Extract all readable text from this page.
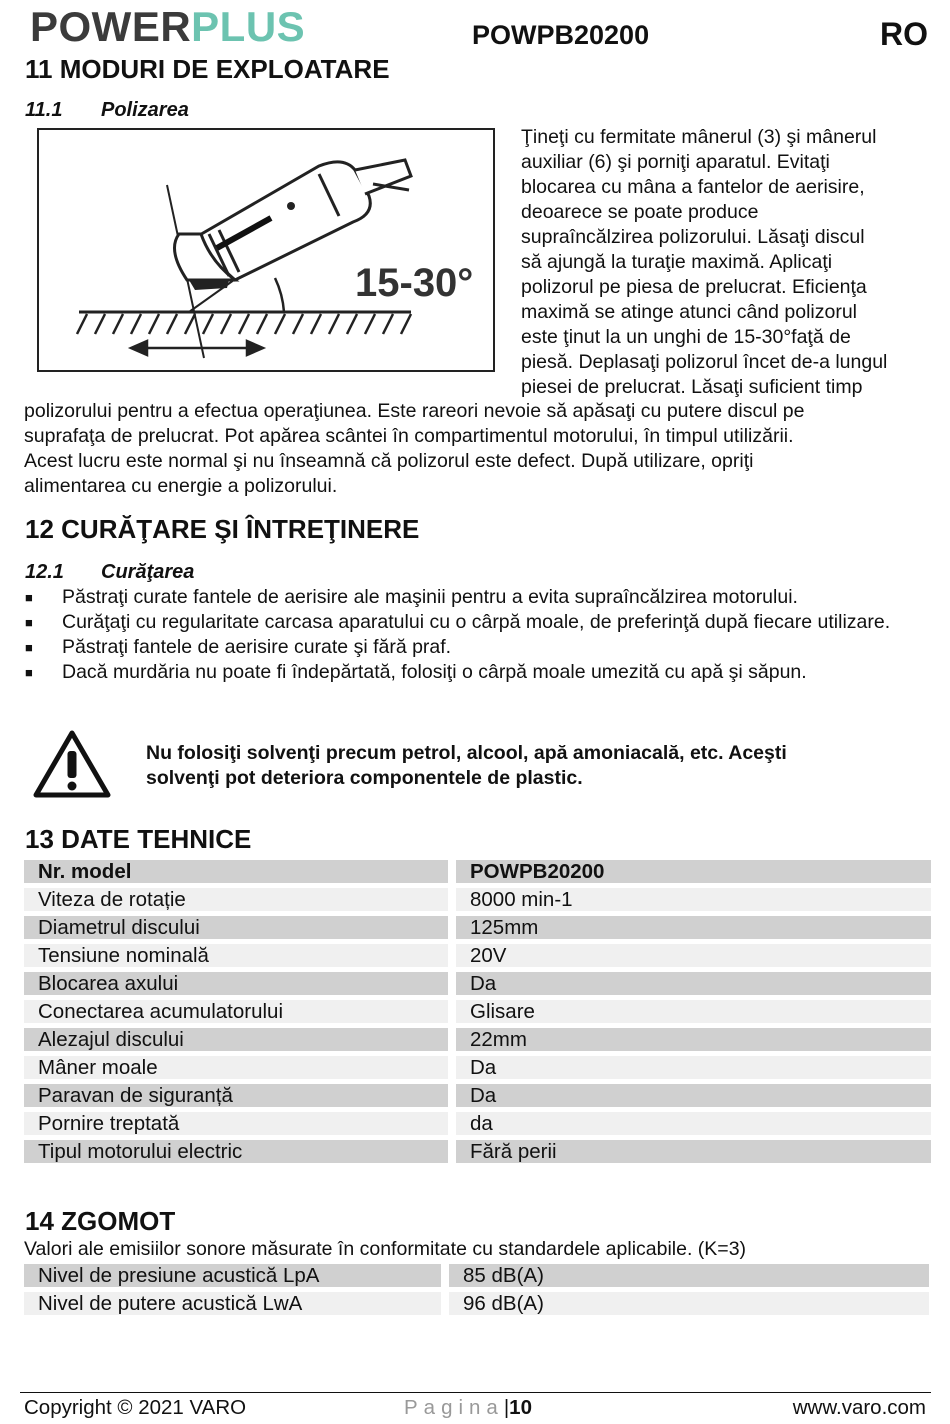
POWERPLUS	POWPB20200	RO
11 MODURI DE EXPLOATARE
11.1 Polizarea
15-30°
Ţineţi cu fermitate mânerul (3) şi mânerul
auxiliar (6) şi porniţi aparatul. Evitaţi
blocarea cu mâna a fantelor de aerisire,
deoarece se poate produce
supraîncălzirea polizorului. Lăsaţi discul
să ajungă la turaţie maximă. Aplicaţi
polizorul pe piesa de prelucrat. Eficienţa
maximă se atinge atunci când polizorul
este ţinut la un unghi de 15-30°faţă de
piesă. Deplasaţi polizorul încet de-a lungul
piesei de prelucrat. Lăsaţi suficient timp
polizorului pentru a efectua operaţiunea. Este rareori nevoie să apăsaţi cu putere discul pe
suprafaţa de prelucrat. Pot apărea scântei în compartimentul motorului, în timpul utilizării.
Acest lucru este normal şi nu înseamnă că polizorul este defect. După utilizare, opriţi
alimentarea cu energie a polizorului.
12 CURĂŢARE ŞI ÎNTREŢINERE
12.1 Curăţarea
■ Păstraţi curate fantele de aerisire ale maşinii pentru a evita supraîncălzirea motorului.
■ Curăţaţi cu regularitate carcasa aparatului cu o cârpă moale, de preferinţă după fiecare utilizare.
■ Păstraţi fantele de aerisire curate şi fără praf.
■ Dacă murdăria nu poate fi îndepărtată, folosiţi o cârpă moale umezită cu apă şi săpun.
Nu folosiţi solvenţi precum petrol, alcool, apă amoniacală, etc. Aceşti
solvenţi pot deteriora componentele de plastic.
13 DATE TEHNICE
Nr. model		POWPB20200
Viteza de rotație		8000 min-1
Diametrul discului		125mm
Tensiune nominală		20V
Blocarea axului		Da
Conectarea acumulatorului		Glisare
Alezajul discului		22mm
Mâner moale		Da
Paravan de siguranță		Da
Pornire treptată		da
Tipul motorului electric		Fără perii
14 ZGOMOT
Valori ale emisiilor sonore măsurate în conformitate cu standardele aplicabile. (K=3)
Nivel de presiune acustică LpA		85 dB(A)
Nivel de putere acustică LwA		96 dB(A)
Copyright © 2021 VARO	Pagina|10	www.varo.com
